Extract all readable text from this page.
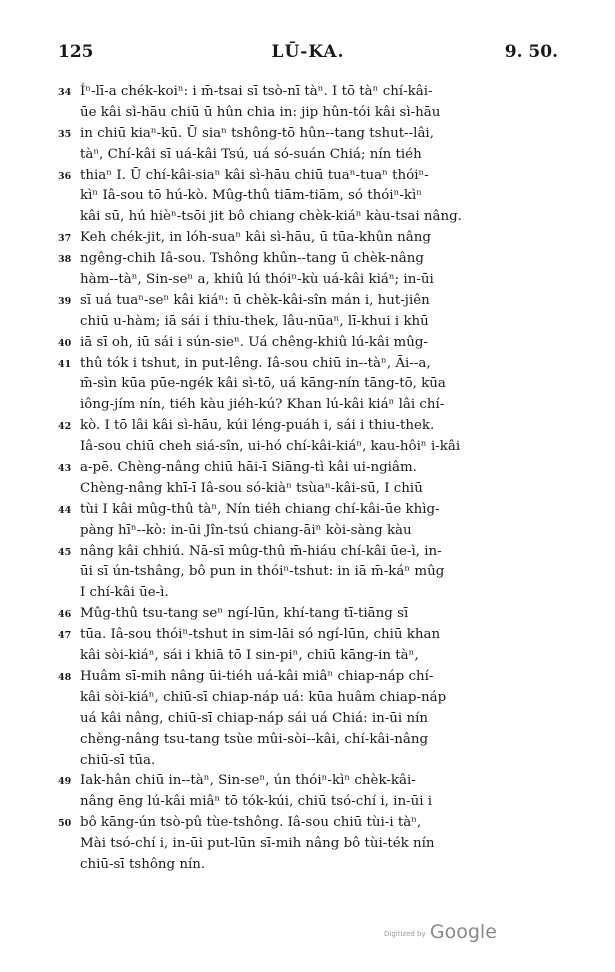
125	LŪ-KA.	9. 50.
34 Íⁿ-lī-a chék-koiⁿ: i m̄-tsai sī tsò-nī tàⁿ. I tō tàⁿ chí-kâi-
ūe kâi sì-hāu chiū ū hûn chia in: jip hûn-tói kâi sì-hāu
35 in chiū kiaⁿ-kū. Ū siaⁿ tshông-tō hûn--tang tshut--lâi,
tàⁿ, Chí-kâi sī uá-kâi Tsú, uá só-suán Chiá; nín tiéh
36 thiaⁿ I. Ū chí-kâi-siaⁿ kâi sì-hāu chiū tuaⁿ-tuaⁿ thóiⁿ-
kìⁿ Iâ-sou tō hú-kò. Mûg-thû tiām-tiām, só thóiⁿ-kìⁿ
kâi sū, hú hièⁿ-tsōi jit bô chiang chèk-kiáⁿ kàu-tsai nâng.
37 Keh chék-jit, in lóh-suaⁿ kâi sì-hāu, ū tūa-khûn nâng
38 ngêng-chih Iâ-sou. Tshông khûn--tang ū chèk-nâng
hàm--tàⁿ, Sin-seⁿ a, khiû lú thóiⁿ-kù uá-kâi kiáⁿ; in-ūi
39 sī uá tuaⁿ-seⁿ kâi kiáⁿ: ū chèk-kâi-sîn mán i, hut-jiên
chiū u-hàm; iā sái i thiu-thek, lâu-nūaⁿ, lī-khui i khū
40 iā sī oh, iū sái i sún-sieⁿ. Uá chêng-khiû lú-kâi mûg-
41 thû tók i tshut, in put-lêng. Iâ-sou chiū in--tàⁿ, Āi--a,
m̄-sìn kūa pūe-ngék kâi sì-tō, uá kāng-nín tāng-tō, kūa
iông-jím nín, tiéh kàu jiéh-kú? Khan lú-kâi kiáⁿ lâi chí-
42 kò. I tō lâi kâi sì-hāu, kúi léng-puáh i, sái i thiu-thek.
Iâ-sou chiū cheh siá-sîn, ui-hó chí-kâi-kiáⁿ, kau-hôiⁿ i-kâi
43 a-pē. Chèng-nâng chiū hāi-ī Siāng-tì kâi ui-ngiâm.
Chèng-nâng khī-ī Iâ-sou só-kiàⁿ tsùaⁿ-kâi-sū, I chiū
44 tùi I kâi mûg-thû tàⁿ, Nín tiéh chiang chí-kâi-ūe khìg-
pàng hīⁿ--kò: in-ūi Jîn-tsú chiang-āiⁿ kòi-sàng kàu
45 nâng kâi chhiú. Nā-sī mûg-thû m̄-hiáu chí-kâi ūe-ì, in-
ūi sī ún-tshâng, bô pun in thóiⁿ-tshut: in iā m̄-káⁿ mûg
I chí-kâi ūe-ì.
46 Mûg-thû tsu-tang seⁿ ngí-lūn, khí-tang tī-tiāng sī
47 tūa. Iâ-sou thóiⁿ-tshut in sim-lāi só ngí-lūn, chiū khan
kâi sòi-kiáⁿ, sái i khiā tō I sin-piⁿ, chiū kāng-in tàⁿ,
48 Huâm sī-mih nâng ūi-tiéh uá-kâi miâⁿ chiap-náp chí-
kâi sòi-kiáⁿ, chiū-sī chiap-náp uá: kūa huâm chiap-náp
uá kâi nâng, chiū-sī chiap-náp sái uá Chiá: in-ūi nín
chèng-nâng tsu-tang tsùe mûi-sòi--kâi, chí-kâi-nâng
chiū-sī tūa.
49 Iak-hân chiū in--tàⁿ, Sin-seⁿ, ún thóiⁿ-kìⁿ chèk-kâi-
nâng ēng lú-kâi miâⁿ tō tók-kúi, chiū tsó-chí i, in-ūi i
50 bô kāng-ún tsò-pû tùe-tshông. Iâ-sou chiū tùi-i tàⁿ,
Mài tsó-chí i, in-ūi put-lūn sī-mih nâng bô tùi-ték nín
chiū-sī tshông nín.
Digitized by Google
